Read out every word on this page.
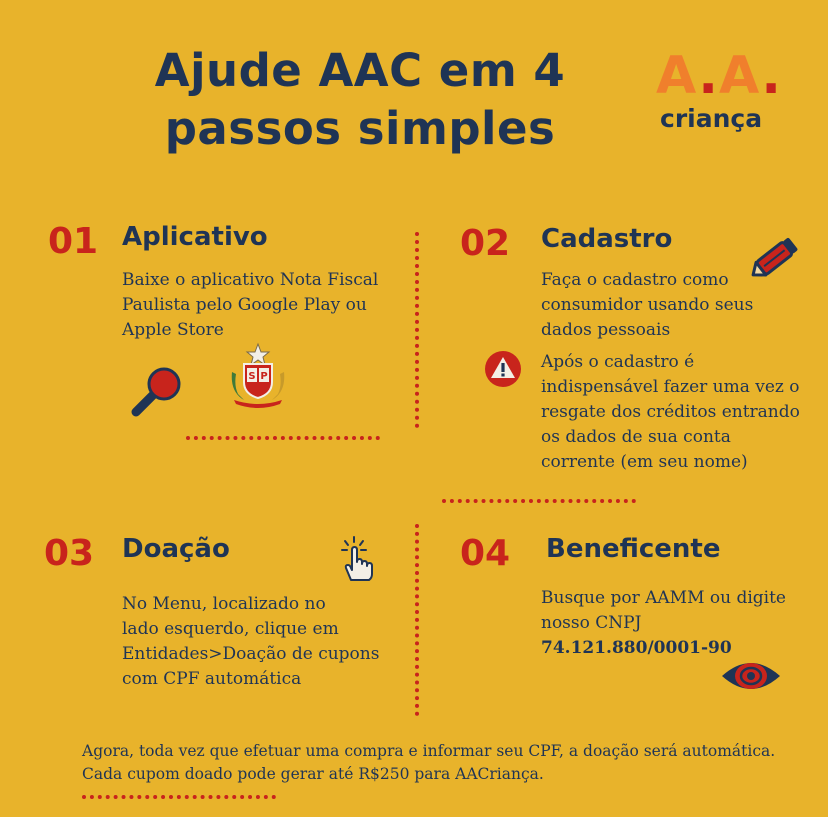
Ajude AAC em 4
passos simples
A.A.
criança
01 Aplicativo
Baixe o aplicativo Nota Fiscal
Paulista pelo Google Play ou
Apple Store
S P
02 Cadastro
Faça o cadastro como
consumidor usando seus
dados pessoais
Após o cadastro é
indispensável fazer uma vez o
resgate dos créditos entrando
os dados de sua conta
corrente (em seu nome)
03 Doação
No Menu, localizado no
lado esquerdo, clique em
Entidades>Doação de cupons
com CPF automática
04 Beneficente
Busque por AAMM ou digite
nosso CNPJ
74.121.880/0001-90
Agora, toda vez que efetuar uma compra e informar seu CPF, a doação será automática.
Cada cupom doado pode gerar até R$250 para AACriança.
